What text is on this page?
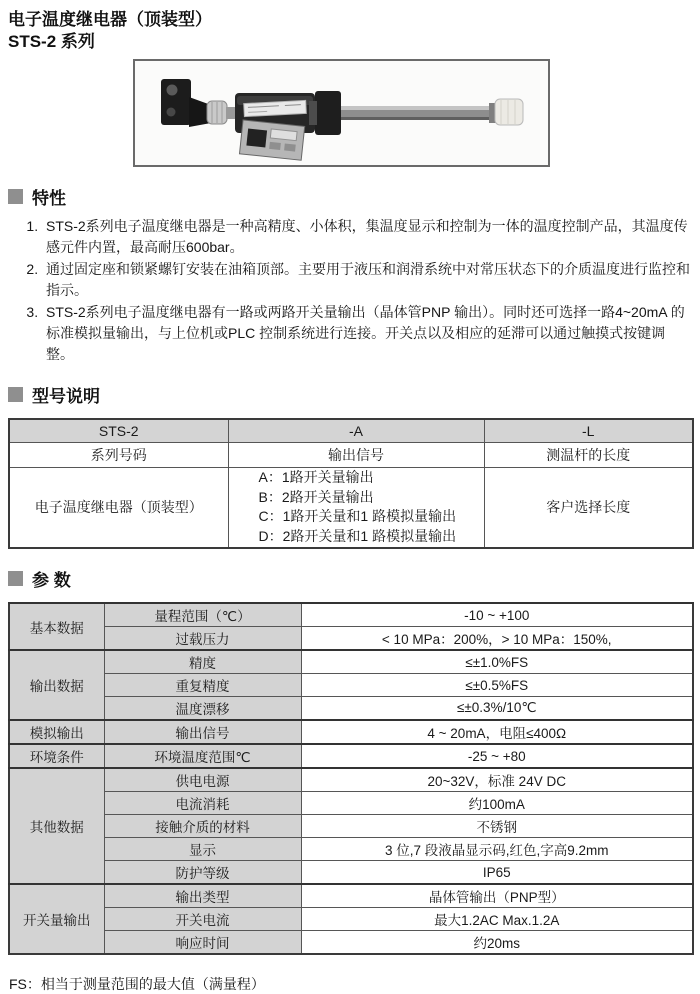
电子温度继电器（顶装型）
STS-2 系列
特性
1. STS-2系列电子温度继电器是一种高精度、小体积，集温度显示和控制为一体的温度控制产品，其温度传感元件内置，最高耐压600bar。
2. 通过固定座和锁紧螺钉安装在油箱顶部。主要用于液压和润滑系统中对常压状态下的介质温度进行监控和指示。
3. STS-2系列电子温度继电器有一路或两路开关量输出（晶体管PNP 输出）。同时还可选择一路4~20mA 的标准模拟量输出，与上位机或PLC 控制系统进行连接。开关点以及相应的延滞可以通过触摸式按键调整。
型号说明
STS-2	-A	-L
系列号码	输出信号	测温杆的长度
电子温度继电器（顶装型）	A：1路开关量输出
B：2路开关量输出
C：1路开关量和1 路模拟量输出
D：2路开关量和1 路模拟量输出	客户选择长度
参 数
基本数据	量程范围（℃）	-10 ~ +100
	过载压力	< 10 MPa：200%，> 10 MPa：150%,
输出数据	精度	≤±1.0%FS
	重复精度	≤±0.5%FS
	温度漂移	≤±0.3%/10℃
模拟输出	输出信号	4 ~ 20mA，电阻≤400Ω
环境条件	环境温度范围℃	-25 ~ +80
其他数据	供电电源	20~32V，标准 24V DC
	电流消耗	约100mA
	接触介质的材料	不锈钢
	显示	3 位,7 段液晶显示码,红色,字高9.2mm
	防护等级	IP65
开关量输出	输出类型	晶体管输出（PNP型）
	开关电流	最大1.2AC Max.1.2A
	响应时间	约20ms
FS：相当于测量范围的最大值（满量程）
